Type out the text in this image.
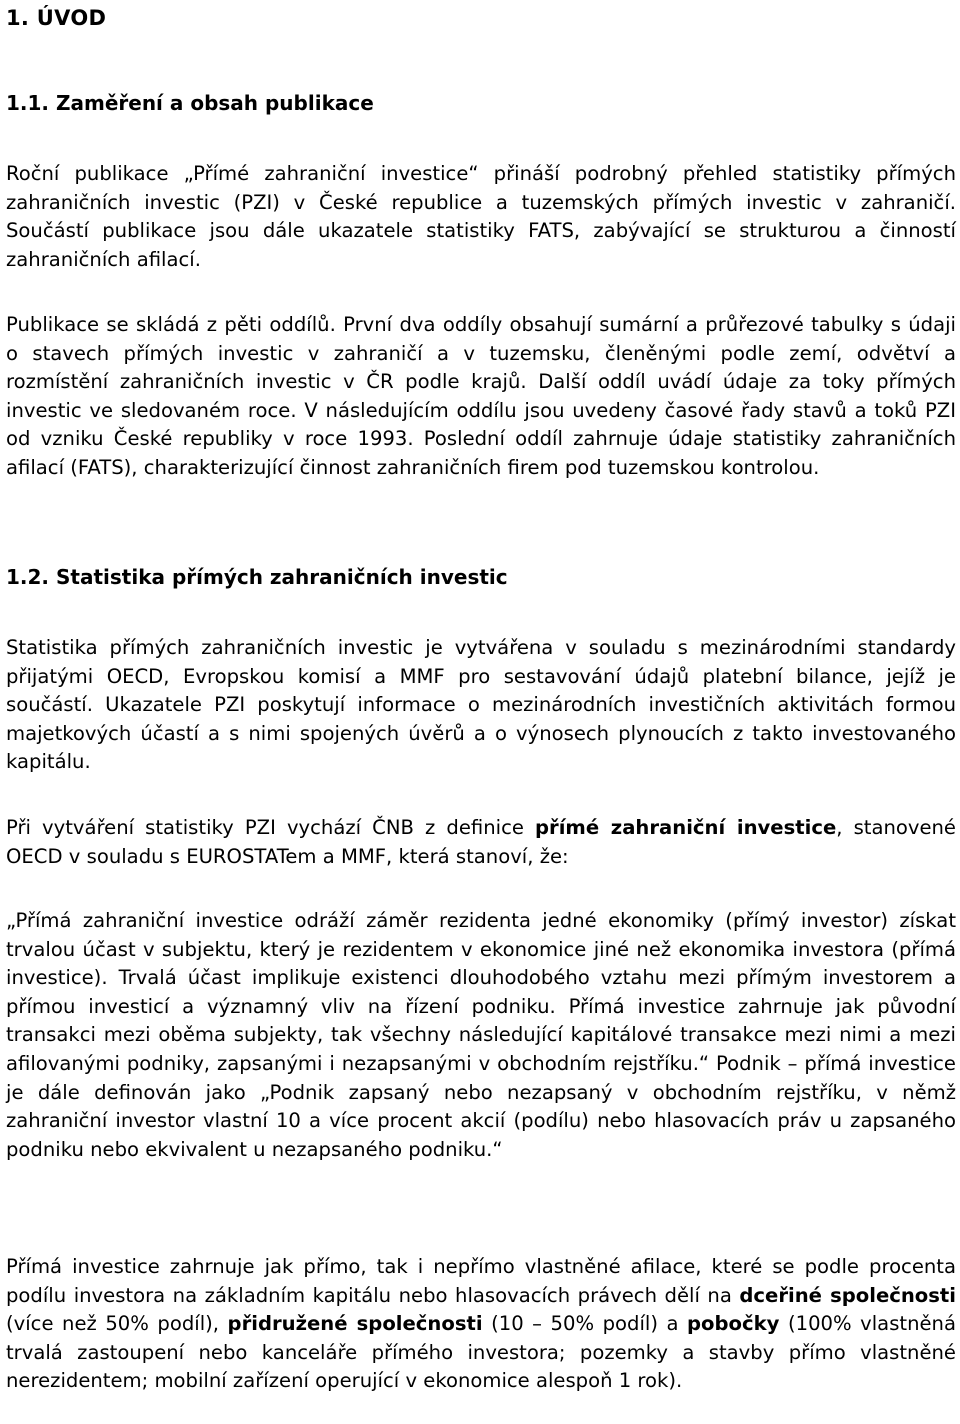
1. ÚVOD
1.1. Zaměření a obsah publikace

Roční publikace „Přímé zahraniční investice“ přináší podrobný přehled statistiky přímých zahraničních investic (PZI) v České republice a tuzemských přímých investic v zahraničí. Součástí publikace jsou dále ukazatele statistiky FATS, zabývající se strukturou a činností zahraničních afilací.

Publikace se skládá z pěti oddílů. První dva oddíly obsahují sumární a průřezové tabulky s údaji o stavech přímých investic v zahraničí a v tuzemsku, členěnými podle zemí, odvětví a rozmístění zahraničních investic v ČR podle krajů. Další oddíl uvádí údaje za toky přímých investic ve sledovaném roce. V následujícím oddílu jsou uvedeny časové řady stavů a toků PZI od vzniku České republiky v roce 1993. Poslední oddíl zahrnuje údaje statistiky zahraničních afilací (FATS), charakterizující činnost zahraničních firem pod tuzemskou kontrolou.

1.2. Statistika přímých zahraničních investic

Statistika přímých zahraničních investic je vytvářena v souladu s mezinárodními standardy přijatými OECD, Evropskou komisí a MMF pro sestavování údajů platební bilance, jejíž je součástí. Ukazatele PZI poskytují informace o mezinárodních investičních aktivitách formou majetkových účastí a s nimi spojených úvěrů a o výnosech plynoucích z takto investovaného kapitálu.

Při vytváření statistiky PZI vychází ČNB z definice přímé zahraniční investice, stanovené OECD v souladu s EUROSTATem a MMF, která stanoví, že:

„Přímá zahraniční investice odráží záměr rezidenta jedné ekonomiky (přímý investor) získat trvalou účast v subjektu, který je rezidentem v ekonomice jiné než ekonomika investora (přímá investice). Trvalá účast implikuje existenci dlouhodobého vztahu mezi přímým investorem a přímou investicí a významný vliv na řízení podniku. Přímá investice zahrnuje jak původní transakci mezi oběma subjekty, tak všechny následující kapitálové transakce mezi nimi a mezi afilovanými podniky, zapsanými i nezapsanými v obchodním rejstříku.“ Podnik – přímá investice je dále definován jako „Podnik zapsaný nebo nezapsaný v obchodním rejstříku, v němž zahraniční investor vlastní 10 a více procent akcií (podílu) nebo hlasovacích práv u zapsaného podniku nebo ekvivalent u nezapsaného podniku.“

Přímá investice zahrnuje jak přímo, tak i nepřímo vlastněné afilace, které se podle procenta podílu investora na základním kapitálu nebo hlasovacích právech dělí na dceřiné společnosti (více než 50% podíl), přidružené společnosti (10 – 50% podíl) a pobočky (100% vlastněná trvalá zastoupení nebo kanceláře přímého investora; pozemky a stavby přímo vlastněné nerezidentem; mobilní zařízení operující v ekonomice alespoň 1 rok).
